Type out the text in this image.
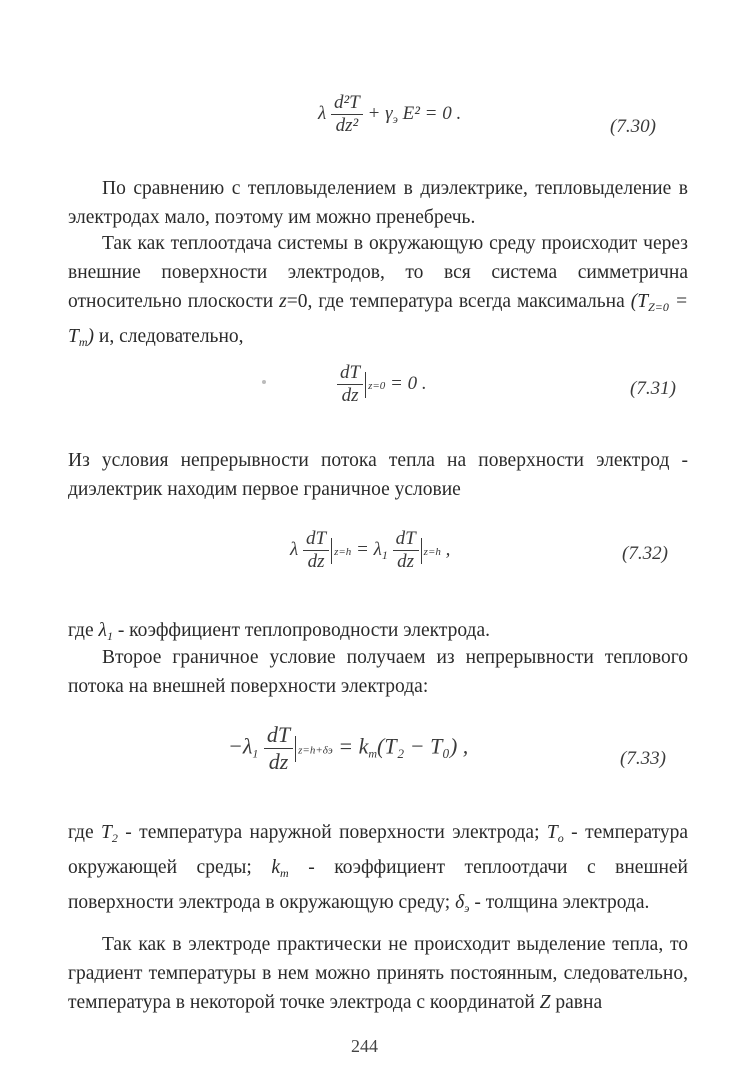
λ $\frac{\text{d²T}}{\text{dz²}} + \gamma_э$ E² = 0 .
(7.30)
По сравнению с тепловыделением в диэлектрике, тепловыделение в электродах мало, поэтому им можно пренебречь.
Так как теплоотдача системы в окружающую среду происходит через внешние поверхности электродов, то вся система симметрична относительно плоскости z=0, где температура всегда максимальна $(T_{Z=0} = T_m)$ и, следовательно,
$\frac{dT}{dz} z=0 = 0$ .	(7.31)
Из условия непрерывности потока тепла на поверхности электрод - диэлектрик находим первое граничное условие
λ $\frac{dT}{dz} z=h = \lambda_1 \frac{dT}{dz} z=h$ ,	(7.32)
где $\lambda_1$ - коэффициент теплопроводности электрода.
Второе граничное условие получаем из непрерывности теплового потока на внешней поверхности электрода:
$-\lambda_1 \frac{dT}{dz} z=h+\delta э = k_т(T_2 - T_0)$ ,	(7.33)
где $T_2$ - температура наружной поверхности электрода; $T_o$ - температура окружающей среды; $k_т$ - коэффициент теплоотдачи с внешней поверхности электрода в окружающую среду; $\delta_э$ - толщина электрода.
Так как в электроде практически не происходит выделение тепла, то градиент температуры в нем можно принять постоянным, следовательно, температура в некоторой точке электрода с координатой Z равна
244
